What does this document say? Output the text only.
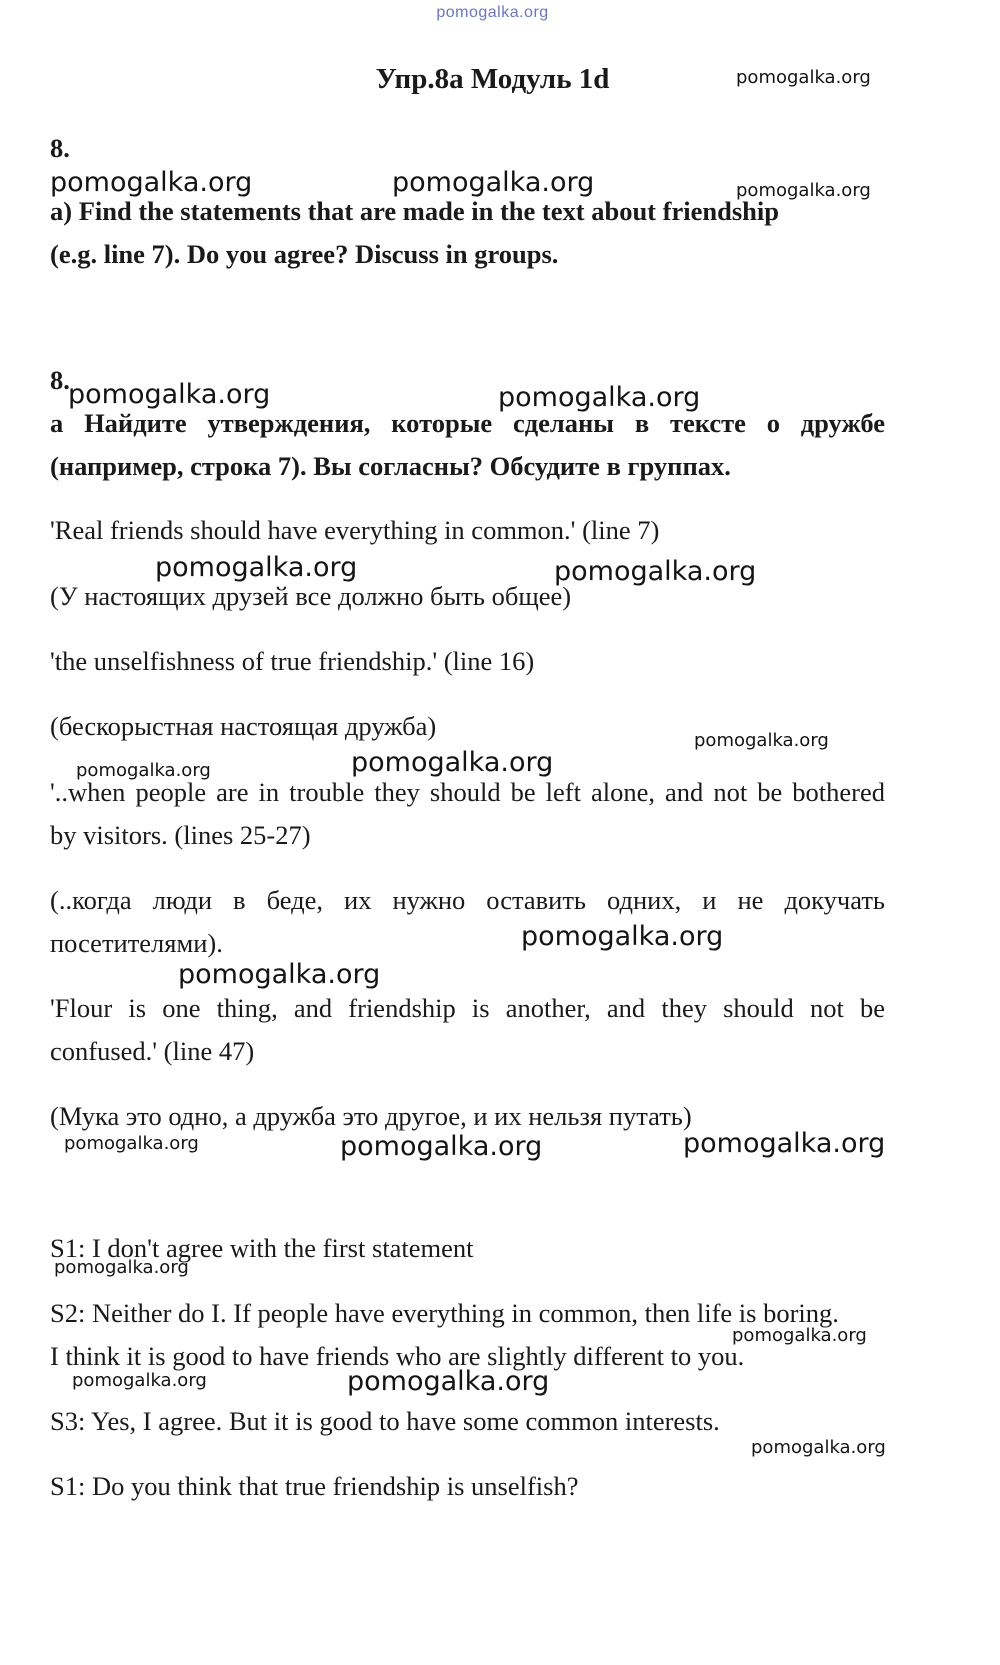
pomogalka.org
Упр.8а Модуль 1d
8.
a) Find the statements that are made in the text about friendship
(e.g. line 7). Do you agree? Discuss in groups.
8.
а Найдите утверждения, которые сделаны в тексте о дружбе
(например, строка 7). Вы согласны? Обсудите в группах.
'Real friends should have everything in common.' (line 7)
(У настоящих друзей все должно быть общее)
'the unselfishness of true friendship.' (line 16)
(бескорыстная настоящая дружба)
'..when people are in trouble they should be left alone, and not be bothered
by visitors. (lines 25-27)
(..когда люди в беде, их нужно оставить одних, и не докучать
посетителями).
'Flour is one thing, and friendship is another, and they should not be
confused.' (line 47)
(Мука это одно, а дружба это другое, и их нельзя путать)
S1: I don't agree with the first statement
S2: Neither do I. If people have everything in common, then life is boring.
I think it is good to have friends who are slightly different to you.
S3: Yes, I agree. But it is good to have some common interests.
S1: Do you think that true friendship is unselfish?
pomogalka.org
pomogalka.org	pomogalka.org	pomogalka.org
pomogalka.org	pomogalka.org
pomogalka.org	pomogalka.org
pomogalka.org
pomogalka.org	pomogalka.org
pomogalka.org
pomogalka.org
pomogalka.org	pomogalka.org	pomogalka.org
pomogalka.org
pomogalka.org
pomogalka.org	pomogalka.org
pomogalka.org
